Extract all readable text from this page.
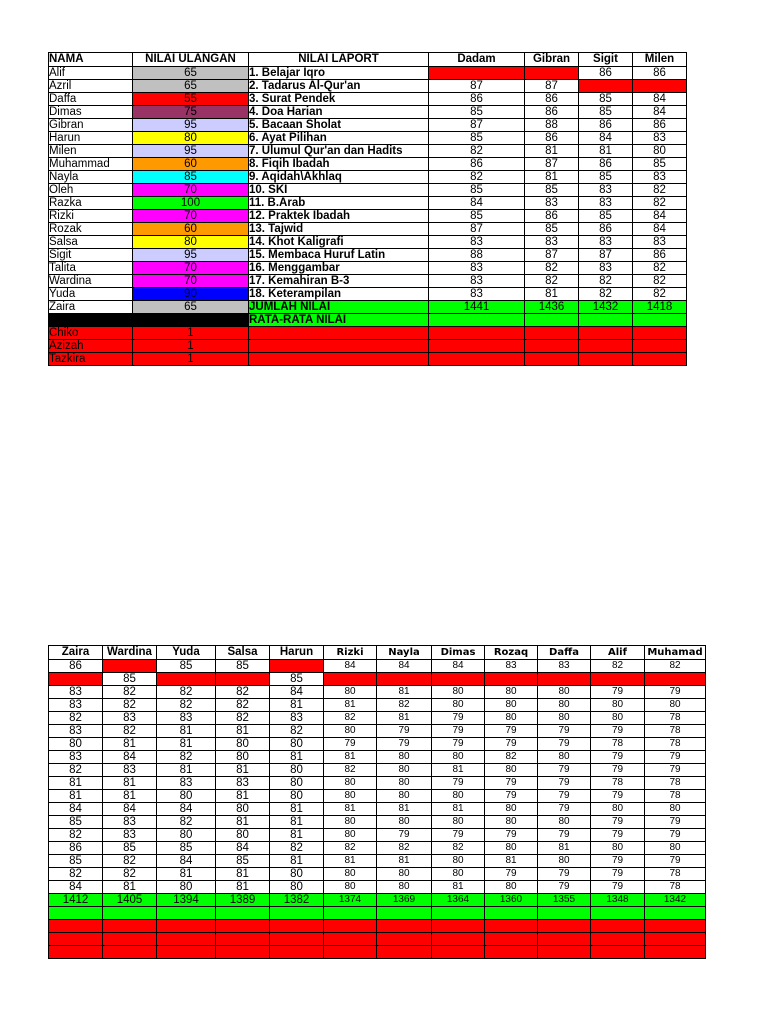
NAMA	NILAI ULANGAN	NILAI LAPORT	Dadam	Gibran	Sigit	Milen
Alif	65	1. Belajar Iqro			86	86
Azril	65	2. Tadarus Al-Qur'an	87	87		
Daffa	55	3. Surat Pendek	86	86	85	84
Dimas	75	4. Doa Harian	85	86	85	84
Gibran	95	5. Bacaan Sholat	87	88	86	86
Harun	80	6. Ayat Pilihan	85	86	84	83
Milen	95	7. Ulumul Qur'an dan Hadits	82	81	81	80
Muhammad	60	8. Fiqih Ibadah	86	87	86	85
Nayla	85	9. Aqidah\Akhlaq	82	81	85	83
Oleh	70	10. SKI	85	85	83	82
Razka	100	11. B.Arab	84	83	83	82
Rizki	70	12. Praktek Ibadah	85	86	85	84
Rozak	60	13. Tajwid	87	85	86	84
Salsa	80	14. Khot Kaligrafi	83	83	83	83
Sigit	95	15. Membaca Huruf Latin	88	87	87	86
Talita	70	16. Menggambar	83	82	83	82
Wardina	70	17. Kemahiran B-3	83	82	82	82
Yuda	90	18. Keterampilan	83	81	82	82
Zaira	65	JUMLAH NILAI	1441	1436	1432	1418
		RATA-RATA NILAI				
Chiko	1					
Azizah	1					
Tazkira	1					
Zaira	Wardina	Yuda	Salsa	Harun	Rizki	Nayla	Dimas	Rozaq	Daffa	Alif	Muhamad
86		85	85		84	84	84	83	83	82	82
	85			85							
83	82	82	82	84	80	81	80	80	80	79	79
83	82	82	82	81	81	82	80	80	80	80	80
82	83	83	82	83	82	81	79	80	80	80	78
83	82	81	81	82	80	79	79	79	79	79	78
80	81	81	80	80	79	79	79	79	79	78	78
83	84	82	80	81	81	80	80	82	80	79	79
82	83	81	81	80	82	80	81	80	79	79	79
81	81	83	83	80	80	80	79	79	79	78	78
81	81	80	81	80	80	80	80	79	79	79	78
84	84	84	80	81	81	81	81	80	79	80	80
85	83	82	81	81	80	80	80	80	80	79	79
82	83	80	80	81	80	79	79	79	79	79	79
86	85	85	84	82	82	82	82	80	81	80	80
85	82	84	85	81	81	81	80	81	80	79	79
82	82	81	81	80	80	80	80	79	79	79	78
84	81	80	81	80	80	80	81	80	79	79	78
1412	1405	1394	1389	1382	1374	1369	1364	1360	1355	1348	1342
